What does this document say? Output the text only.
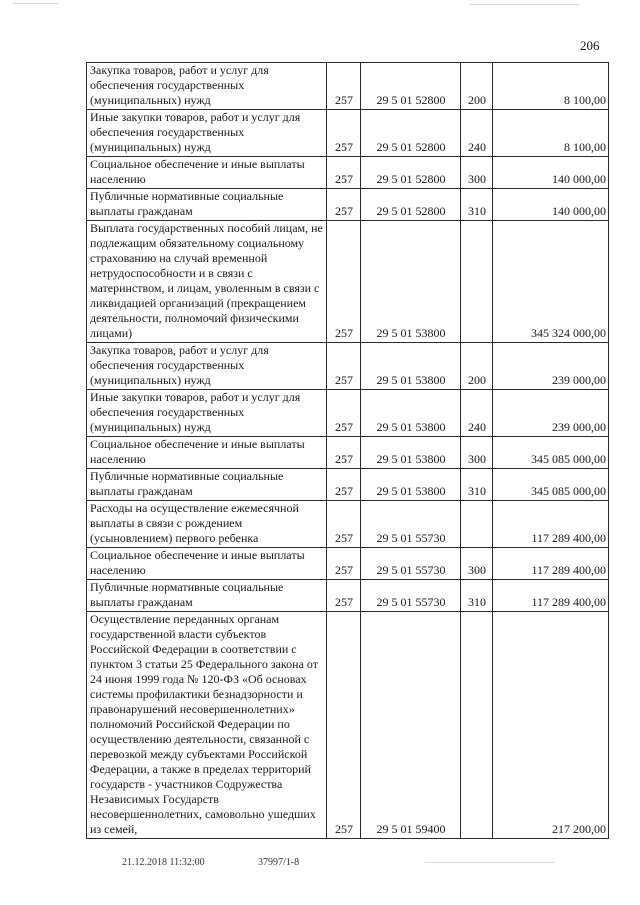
206
Закупка товаров, работ и услуг для обеспечения государственных (муниципальных) нужд	257	29 5 01 52800	200	8 100,00
Иные закупки товаров, работ и услуг для обеспечения государственных (муниципальных) нужд	257	29 5 01 52800	240	8 100,00
Социальное обеспечение и иные выплаты населению	257	29 5 01 52800	300	140 000,00
Публичные нормативные социальные выплаты гражданам	257	29 5 01 52800	310	140 000,00
Выплата государственных пособий лицам, не подлежащим обязательному социальному страхованию на случай временной нетрудоспособности и в связи с материнством, и лицам, уволенным в связи с ликвидацией организаций (прекращением деятельности, полномочий физическими лицами)	257	29 5 01 53800		345 324 000,00
Закупка товаров, работ и услуг для обеспечения государственных (муниципальных) нужд	257	29 5 01 53800	200	239 000,00
Иные закупки товаров, работ и услуг для обеспечения государственных (муниципальных) нужд	257	29 5 01 53800	240	239 000,00
Социальное обеспечение и иные выплаты населению	257	29 5 01 53800	300	345 085 000,00
Публичные нормативные социальные выплаты гражданам	257	29 5 01 53800	310	345 085 000,00
Расходы на осуществление ежемесячной выплаты в связи с рождением (усыновлением) первого ребенка	257	29 5 01 55730		117 289 400,00
Социальное обеспечение и иные выплаты населению	257	29 5 01 55730	300	117 289 400,00
Публичные нормативные социальные выплаты гражданам	257	29 5 01 55730	310	117 289 400,00
Осуществление переданных органам государственной власти субъектов Российской Федерации в соответствии с пунктом 3 статьи 25 Федерального закона от 24 июня 1999 года № 120-ФЗ «Об основах системы профилактики безнадзорности и правонарушений несовершеннолетних» полномочий Российской Федерации по осуществлению деятельности, связанной с перевозкой между субъектами Российской Федерации, а также в пределах территорий государств - участников Содружества Независимых Государств несовершеннолетних, самовольно ушедших из семей,	257	29 5 01 59400		217 200,00
21.12.2018 11:32:00	37997/1-8
